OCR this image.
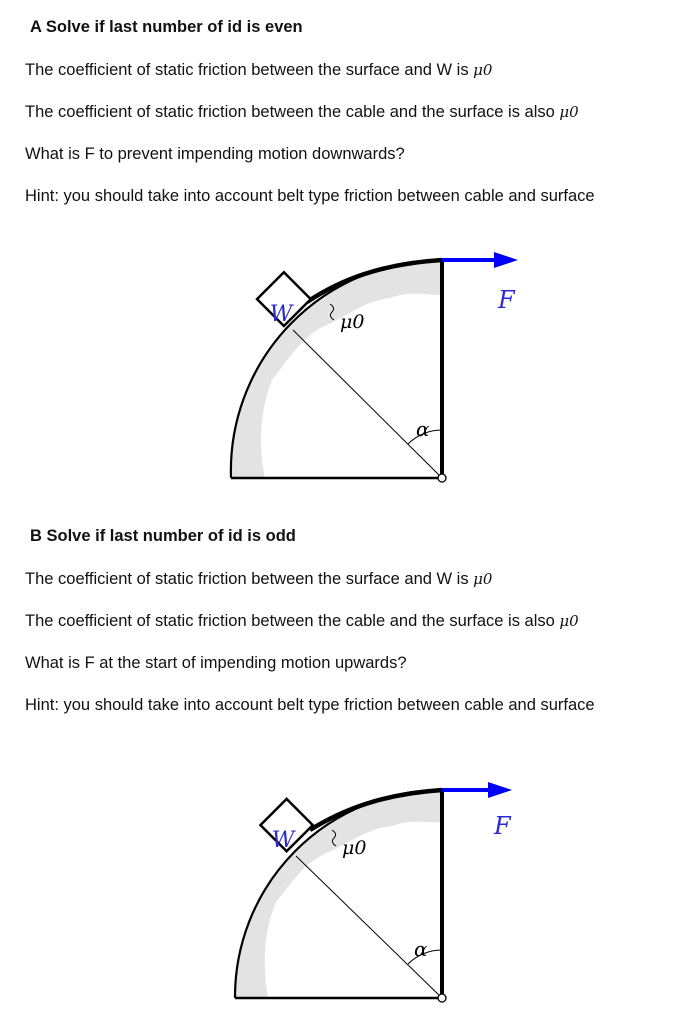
A Solve if last number of id is even
The coefficient of static friction between the surface and W is μ0
The coefficient of static friction between the cable and the surface is also μ0
What is F to prevent impending motion downwards?
Hint: you should take into account belt type friction between cable and surface
W	μ0
α
F
B Solve if last number of id is odd
The coefficient of static friction between the surface and W is μ0
The coefficient of static friction between the cable and the surface is also μ0
What is F at the start of impending motion upwards?
Hint: you should take into account belt type friction between cable and surface
W	μ0
α
F
